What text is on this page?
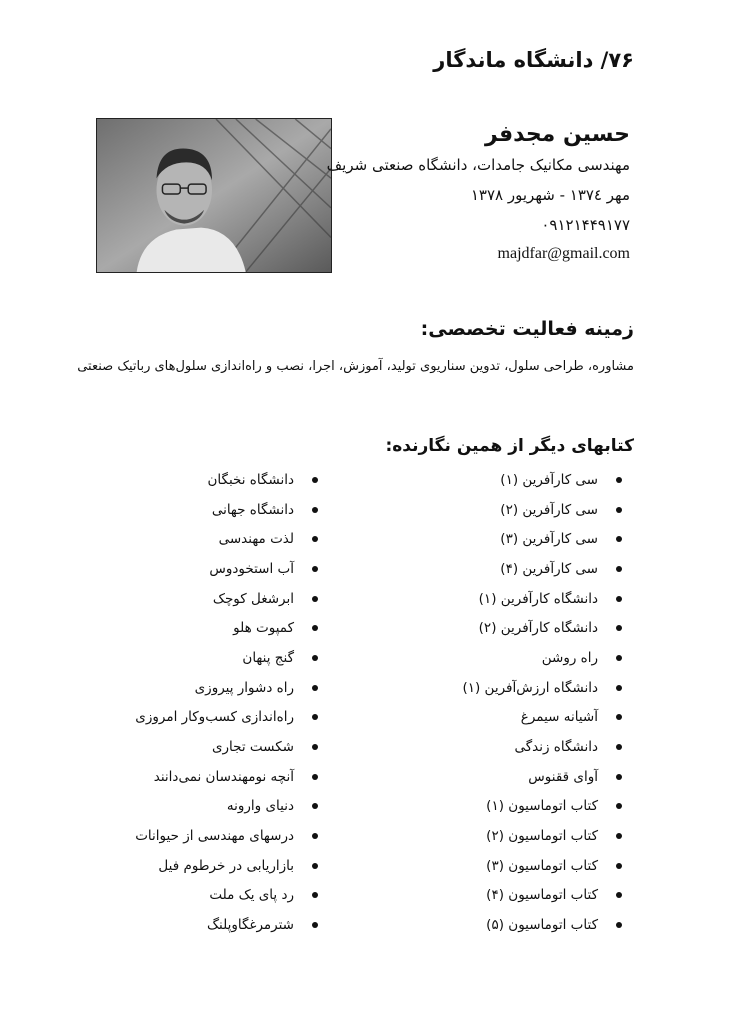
۷۶/ دانشگاه ماندگار
حسین مجدفر
مهندسی مکانیک جامدات، دانشگاه صنعتی شریف
مهر ۱۳۷٤ - شهریور ۱۳۷۸
۰۹۱۲۱۴۴۹۱۷۷
majdfar@gmail.com
زمینه فعالیت تخصصی:
مشاوره، طراحی سلول، تدوین سناریوی تولید، آموزش، اجرا، نصب و راه‌اندازی سلول‌های رباتیک صنعتی
کتابهای دیگر از همین نگارنده:
سی کارآفرین (۱)
سی کارآفرین (۲)
سی کارآفرین (۳)
سی کارآفرین (۴)
دانشگاه کارآفرین (۱)
دانشگاه کارآفرین (۲)
راه روشن
دانشگاه ارزش‌آفرین (۱)
آشیانه سیمرغ
دانشگاه زندگی
آوای ققنوس
کتاب اتوماسیون (۱)
کتاب اتوماسیون (۲)
کتاب اتوماسیون (۳)
کتاب اتوماسیون (۴)
کتاب اتوماسیون (۵)
دانشگاه نخبگان
دانشگاه جهانی
لذت مهندسی
آب استخودوس
ابرشغل کوچک
کمپوت هلو
گنج پنهان
راه دشوار پیروزی
راه‌اندازی کسب‌وکار امروزی
شکست تجاری
آنچه نومهندسان نمی‌دانند
دنیای وارونه
درسهای مهندسی از حیوانات
بازاریابی در خرطوم فیل
رد پای یک ملت
شترمرغگاوپلنگ
